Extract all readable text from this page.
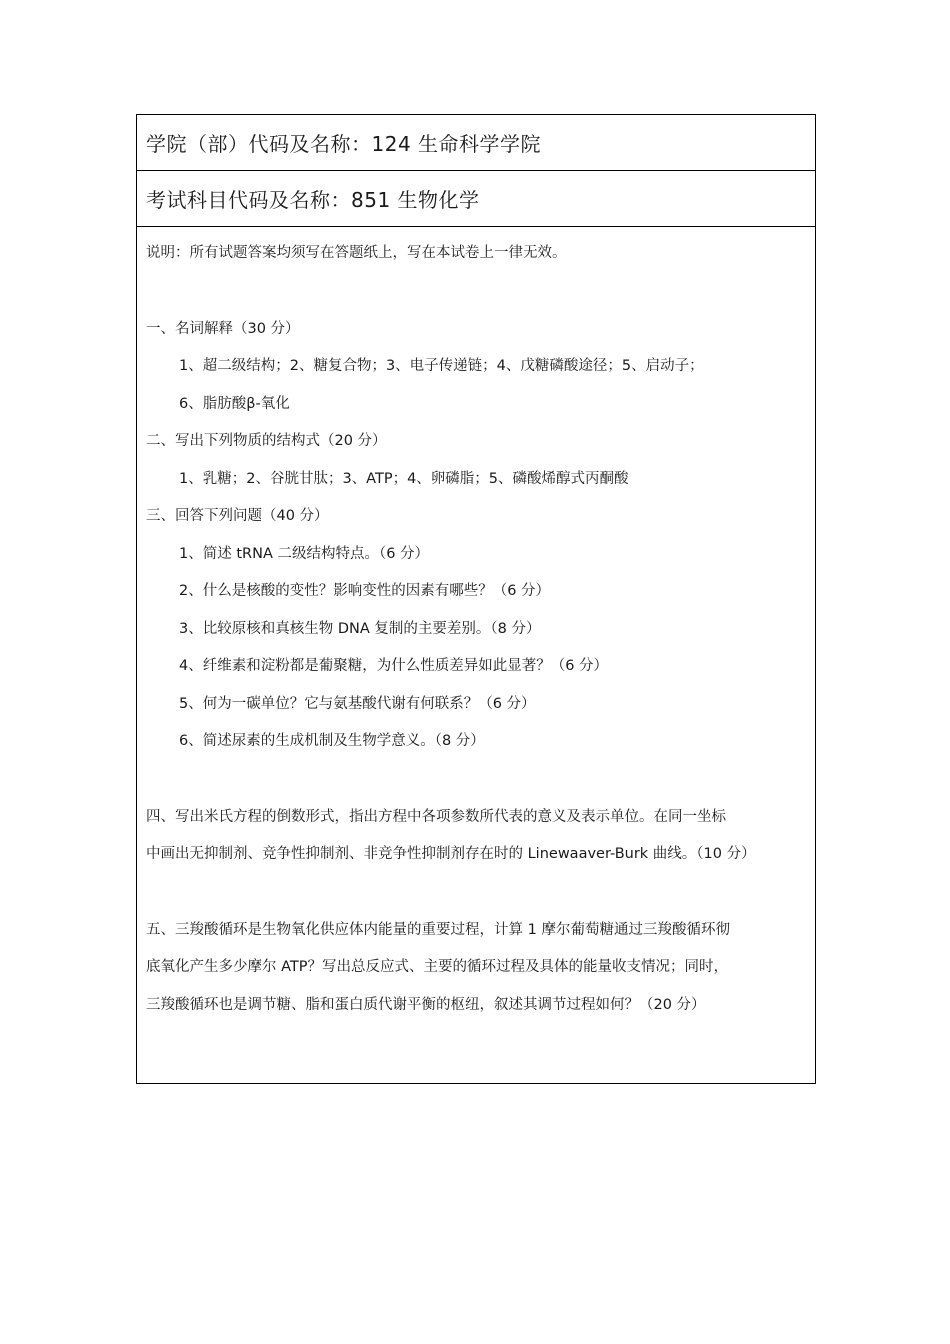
学院（部）代码及名称：124 生命科学学院
考试科目代码及名称：851 生物化学
说明：所有试题答案均须写在答题纸上，写在本试卷上一律无效。
一、名词解释（30 分）
1、超二级结构；2、糖复合物；3、电子传递链；4、戊糖磷酸途径；5、启动子；
6、脂肪酸β-氧化
二、写出下列物质的结构式（20 分）
1、乳糖；2、谷胱甘肽；3、ATP；4、卵磷脂；5、磷酸烯醇式丙酮酸
三、回答下列问题（40 分）
1、简述 tRNA 二级结构特点。（6 分）
2、什么是核酸的变性？影响变性的因素有哪些？（6 分）
3、比较原核和真核生物 DNA 复制的主要差别。（8 分）
4、纤维素和淀粉都是葡聚糖，为什么性质差异如此显著？（6 分）
5、何为一碳单位？它与氨基酸代谢有何联系？（6 分）
6、简述尿素的生成机制及生物学意义。（8 分）
四、写出米氏方程的倒数形式，指出方程中各项参数所代表的意义及表示单位。在同一坐标
中画出无抑制剂、竞争性抑制剂、非竞争性抑制剂存在时的 Linewaaver-Burk 曲线。（10 分）
五、三羧酸循环是生物氧化供应体内能量的重要过程，计算 1 摩尔葡萄糖通过三羧酸循环彻
底氧化产生多少摩尔 ATP？写出总反应式、主要的循环过程及具体的能量收支情况；同时，
三羧酸循环也是调节糖、脂和蛋白质代谢平衡的枢纽，叙述其调节过程如何？（20 分）
